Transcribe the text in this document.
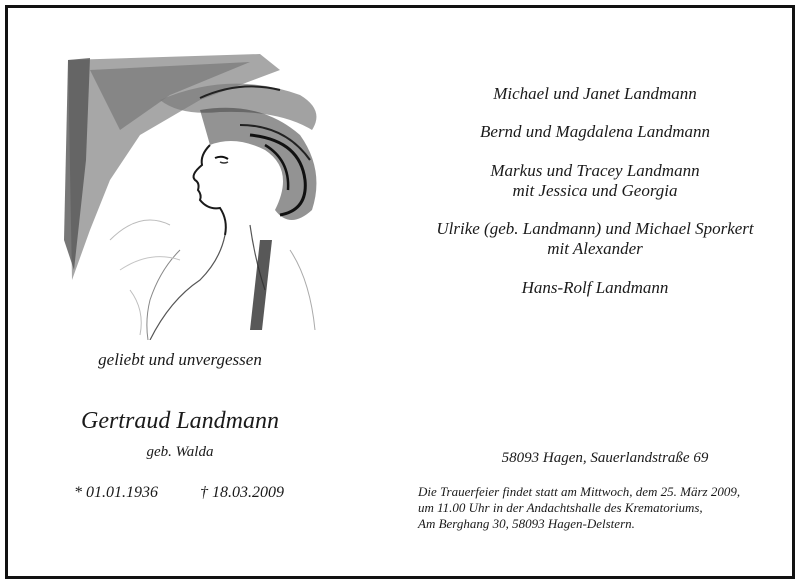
Michael und Janet Landmann
Bernd und Magdalena Landmann
Markus und Tracey Landmann
mit Jessica und Georgia
Ulrike (geb. Landmann) und Michael Sporkert
mit Alexander
Hans-Rolf Landmann
geliebt und unvergessen
Gertraud Landmann
geb. Walda
* 01.01.1936	† 18.03.2009
58093 Hagen, Sauerlandstraße 69
Die Trauerfeier findet statt am Mittwoch, dem 25. März 2009,
um 11.00 Uhr in der Andachtshalle des Krematoriums,
Am Berghang 30, 58093 Hagen-Delstern.
